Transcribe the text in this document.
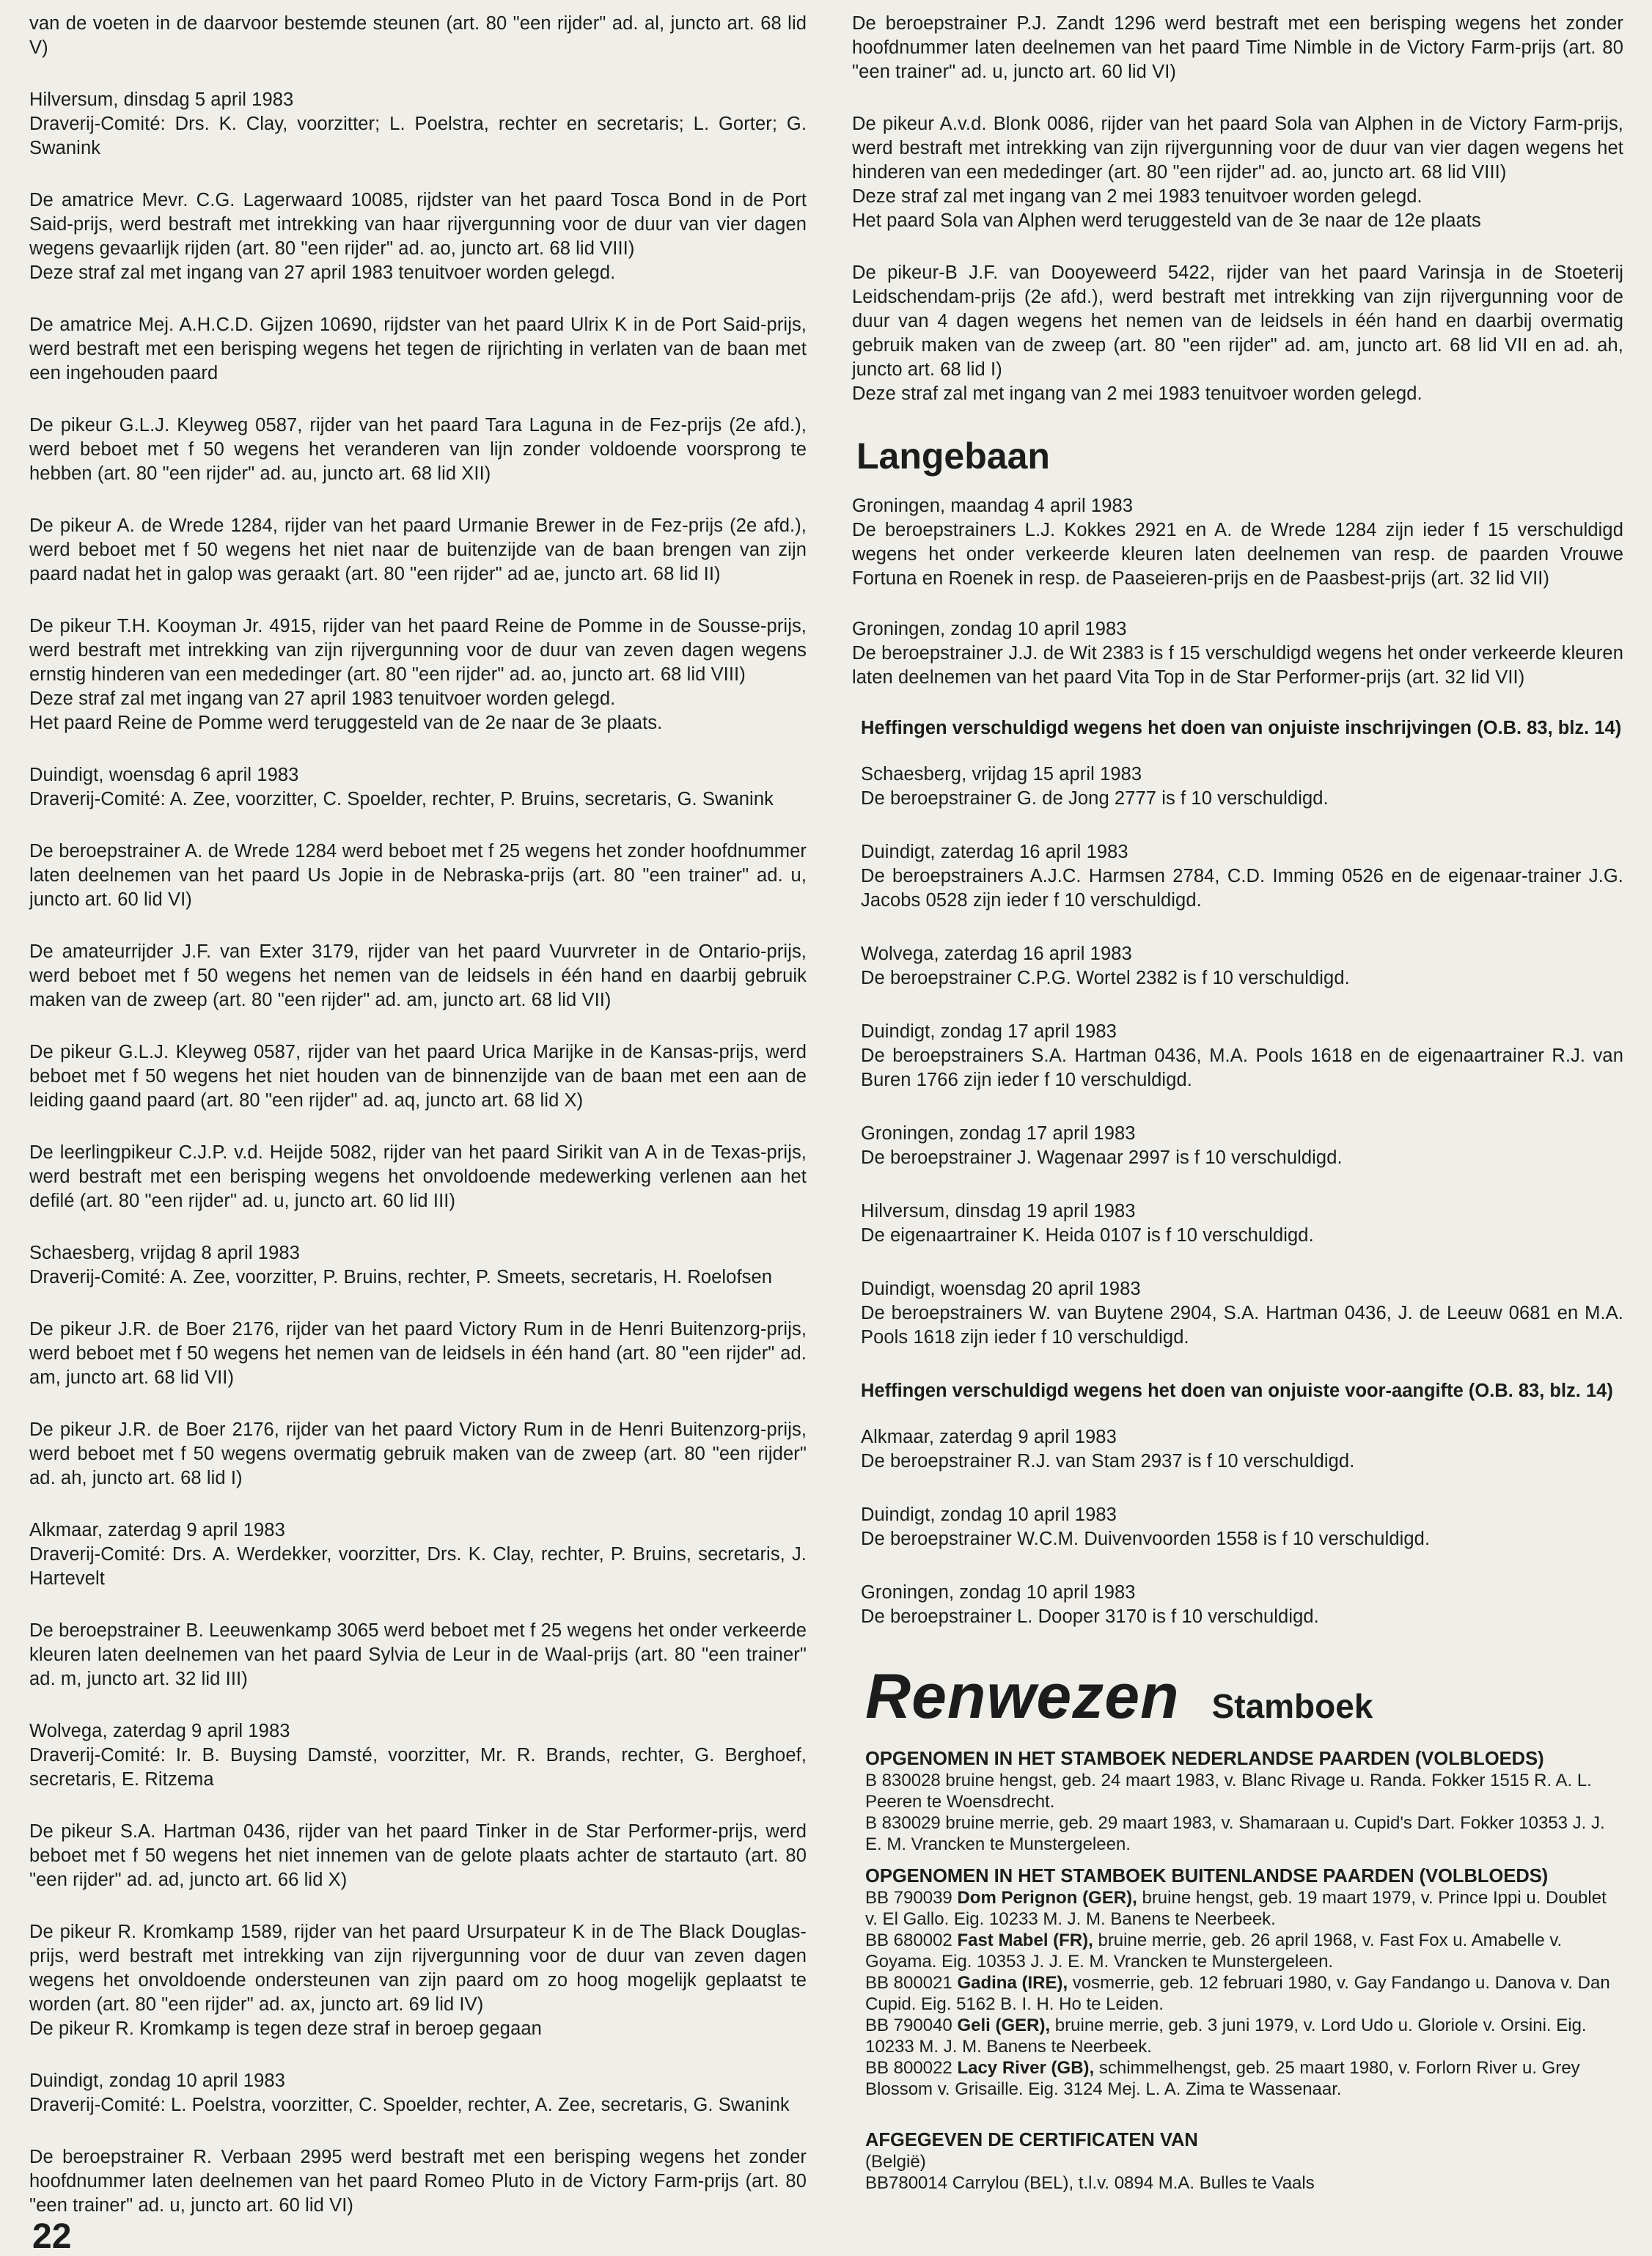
van de voeten in de daarvoor bestemde steunen (art. 80 "een rijder" ad. al, juncto art. 68 lid V)

Hilversum, dinsdag 5 april 1983

Draverij-Comité: Drs. K. Clay, voorzitter; L. Poelstra, rechter en secretaris; L. Gorter; G. Swanink

De amatrice Mevr. C.G. Lagerwaard 10085, rijdster van het paard Tosca Bond in de Port Said-prijs, werd bestraft met intrekking van haar rijvergunning voor de duur van vier dagen wegens gevaarlijk rijden (art. 80 "een rijder" ad. ao, juncto art. 68 lid VIII)

Deze straf zal met ingang van 27 april 1983 tenuitvoer worden gelegd.

De amatrice Mej. A.H.C.D. Gijzen 10690, rijdster van het paard Ulrix K in de Port Said-prijs, werd bestraft met een berisping wegens het tegen de rijrichting in verlaten van de baan met een ingehouden paard

De pikeur G.L.J. Kleyweg 0587, rijder van het paard Tara Laguna in de Fez-prijs (2e afd.), werd beboet met f 50 wegens het veranderen van lijn zonder voldoende voorsprong te hebben (art. 80 "een rijder" ad. au, juncto art. 68 lid XII)

De pikeur A. de Wrede 1284, rijder van het paard Urmanie Brewer in de Fez-prijs (2e afd.), werd beboet met f 50 wegens het niet naar de buitenzijde van de baan brengen van zijn paard nadat het in galop was geraakt (art. 80 "een rijder" ad ae, juncto art. 68 lid II)

De pikeur T.H. Kooyman Jr. 4915, rijder van het paard Reine de Pomme in de Sousse-prijs, werd bestraft met intrekking van zijn rijvergunning voor de duur van zeven dagen wegens ernstig hinderen van een mededinger (art. 80 "een rijder" ad. ao, juncto art. 68 lid VIII)

Deze straf zal met ingang van 27 april 1983 tenuitvoer worden gelegd.

Het paard Reine de Pomme werd teruggesteld van de 2e naar de 3e plaats.

Duindigt, woensdag 6 april 1983

Draverij-Comité: A. Zee, voorzitter, C. Spoelder, rechter, P. Bruins, secretaris, G. Swanink

De beroepstrainer A. de Wrede 1284 werd beboet met f 25 wegens het zonder hoofdnummer laten deelnemen van het paard Us Jopie in de Nebraska-prijs (art. 80 "een trainer" ad. u, juncto art. 60 lid VI)

De amateurrijder J.F. van Exter 3179, rijder van het paard Vuurvreter in de Ontario-prijs, werd beboet met f 50 wegens het nemen van de leidsels in één hand en daarbij gebruik maken van de zweep (art. 80 "een rijder" ad. am, juncto art. 68 lid VII)

De pikeur G.L.J. Kleyweg 0587, rijder van het paard Urica Marijke in de Kansas-prijs, werd beboet met f 50 wegens het niet houden van de binnenzijde van de baan met een aan de leiding gaand paard (art. 80 "een rijder" ad. aq, juncto art. 68 lid X)

De leerlingpikeur C.J.P. v.d. Heijde 5082, rijder van het paard Sirikit van A in de Texas-prijs, werd bestraft met een berisping wegens het onvoldoende medewerking verlenen aan het defilé (art. 80 "een rijder" ad. u, juncto art. 60 lid III)

Schaesberg, vrijdag 8 april 1983

Draverij-Comité: A. Zee, voorzitter, P. Bruins, rechter, P. Smeets, secretaris, H. Roelofsen

De pikeur J.R. de Boer 2176, rijder van het paard Victory Rum in de Henri Buitenzorg-prijs, werd beboet met f 50 wegens het nemen van de leidsels in één hand (art. 80 "een rijder" ad. am, juncto art. 68 lid VII)

De pikeur J.R. de Boer 2176, rijder van het paard Victory Rum in de Henri Buitenzorg-prijs, werd beboet met f 50 wegens overmatig gebruik maken van de zweep (art. 80 "een rijder" ad. ah, juncto art. 68 lid I)

Alkmaar, zaterdag 9 april 1983

Draverij-Comité: Drs. A. Werdekker, voorzitter, Drs. K. Clay, rechter, P. Bruins, secretaris, J. Hartevelt

De beroepstrainer B. Leeuwenkamp 3065 werd beboet met f 25 wegens het onder verkeerde kleuren laten deelnemen van het paard Sylvia de Leur in de Waal-prijs (art. 80 "een trainer" ad. m, juncto art. 32 lid III)

Wolvega, zaterdag 9 april 1983

Draverij-Comité: Ir. B. Buysing Damsté, voorzitter, Mr. R. Brands, rechter, G. Berghoef, secretaris, E. Ritzema

De pikeur S.A. Hartman 0436, rijder van het paard Tinker in de Star Performer-prijs, werd beboet met f 50 wegens het niet innemen van de gelote plaats achter de startauto (art. 80 "een rijder" ad. ad, juncto art. 66 lid X)

De pikeur R. Kromkamp 1589, rijder van het paard Ursurpateur K in de The Black Douglas-prijs, werd bestraft met intrekking van zijn rijvergunning voor de duur van zeven dagen wegens het onvoldoende ondersteunen van zijn paard om zo hoog mogelijk geplaatst te worden (art. 80 "een rijder" ad. ax, juncto art. 69 lid IV)

De pikeur R. Kromkamp is tegen deze straf in beroep gegaan

Duindigt, zondag 10 april 1983

Draverij-Comité: L. Poelstra, voorzitter, C. Spoelder, rechter, A. Zee, secretaris, G. Swanink

De beroepstrainer R. Verbaan 2995 werd bestraft met een berisping wegens het zonder hoofdnummer laten deelnemen van het paard Romeo Pluto in de Victory Farm-prijs (art. 80 "een trainer" ad. u, juncto art. 60 lid VI)

De beroepstrainer P.J. Zandt 1296 werd bestraft met een berisping wegens het zonder hoofdnummer laten deelnemen van het paard Time Nimble in de Victory Farm-prijs (art. 80 "een trainer" ad. u, juncto art. 60 lid VI)

De pikeur A.v.d. Blonk 0086, rijder van het paard Sola van Alphen in de Victory Farm-prijs, werd bestraft met intrekking van zijn rijvergunning voor de duur van vier dagen wegens het hinderen van een mededinger (art. 80 "een rijder" ad. ao, juncto art. 68 lid VIII)

Deze straf zal met ingang van 2 mei 1983 tenuitvoer worden gelegd.

Het paard Sola van Alphen werd teruggesteld van de 3e naar de 12e plaats

De pikeur-B J.F. van Dooyeweerd 5422, rijder van het paard Varinsja in de Stoeterij Leidschendam-prijs (2e afd.), werd bestraft met intrekking van zijn rijvergunning voor de duur van 4 dagen wegens het nemen van de leidsels in één hand en daarbij overmatig gebruik maken van de zweep (art. 80 "een rijder" ad. am, juncto art. 68 lid VII en ad. ah, juncto art. 68 lid I)

Deze straf zal met ingang van 2 mei 1983 tenuitvoer worden gelegd.

Langebaan

Groningen, maandag 4 april 1983

De beroepstrainers L.J. Kokkes 2921 en A. de Wrede 1284 zijn ieder f 15 verschuldigd wegens het onder verkeerde kleuren laten deelnemen van resp. de paarden Vrouwe Fortuna en Roenek in resp. de Paaseieren-prijs en de Paasbest-prijs (art. 32 lid VII)

Groningen, zondag 10 april 1983

De beroepstrainer J.J. de Wit 2383 is f 15 verschuldigd wegens het onder verkeerde kleuren laten deelnemen van het paard Vita Top in de Star Performer-prijs (art. 32 lid VII)

Heffingen verschuldigd wegens het doen van onjuiste inschrijvingen (O.B. 83, blz. 14)

Schaesberg, vrijdag 15 april 1983

De beroepstrainer G. de Jong 2777 is f 10 verschuldigd.

Duindigt, zaterdag 16 april 1983

De beroepstrainers A.J.C. Harmsen 2784, C.D. Imming 0526 en de eigenaar-trainer J.G. Jacobs 0528 zijn ieder f 10 verschuldigd.

Wolvega, zaterdag 16 april 1983

De beroepstrainer C.P.G. Wortel 2382 is f 10 verschuldigd.

Duindigt, zondag 17 april 1983

De beroepstrainers S.A. Hartman 0436, M.A. Pools 1618 en de eigenaartrainer R.J. van Buren 1766 zijn ieder f 10 verschuldigd.

Groningen, zondag 17 april 1983

De beroepstrainer J. Wagenaar 2997 is f 10 verschuldigd.

Hilversum, dinsdag 19 april 1983

De eigenaartrainer K. Heida 0107 is f 10 verschuldigd.

Duindigt, woensdag 20 april 1983

De beroepstrainers W. van Buytene 2904, S.A. Hartman 0436, J. de Leeuw 0681 en M.A. Pools 1618 zijn ieder f 10 verschuldigd.

Heffingen verschuldigd wegens het doen van onjuiste voor-aangifte (O.B. 83, blz. 14)

Alkmaar, zaterdag 9 april 1983

De beroepstrainer R.J. van Stam 2937 is f 10 verschuldigd.

Duindigt, zondag 10 april 1983

De beroepstrainer W.C.M. Duivenvoorden 1558 is f 10 verschuldigd.

Groningen, zondag 10 april 1983

De beroepstrainer L. Dooper 3170 is f 10 verschuldigd.

Renwezen Stamboek
OPGENOMEN IN HET STAMBOEK NEDERLANDSE PAARDEN (VOLBLOEDS)

B 830028 bruine hengst, geb. 24 maart 1983, v. Blanc Rivage u. Randa. Fokker 1515 R. A. L. Peeren te Woensdrecht.

B 830029 bruine merrie, geb. 29 maart 1983, v. Shamaraan u. Cupid's Dart. Fokker 10353 J. J. E. M. Vrancken te Munstergeleen.

OPGENOMEN IN HET STAMBOEK BUITENLANDSE PAARDEN (VOLBLOEDS)

BB 790039 Dom Perignon (GER), bruine hengst, geb. 19 maart 1979, v. Prince Ippi u. Doublet v. El Gallo. Eig. 10233 M. J. M. Banens te Neerbeek.

BB 680002 Fast Mabel (FR), bruine merrie, geb. 26 april 1968, v. Fast Fox u. Amabelle v. Goyama. Eig. 10353 J. J. E. M. Vrancken te Munstergeleen.

BB 800021 Gadina (IRE), vosmerrie, geb. 12 februari 1980, v. Gay Fandango u. Danova v. Dan Cupid. Eig. 5162 B. I. H. Ho te Leiden.

BB 790040 Geli (GER), bruine merrie, geb. 3 juni 1979, v. Lord Udo u. Gloriole v. Orsini. Eig. 10233 M. J. M. Banens te Neerbeek.

BB 800022 Lacy River (GB), schimmelhengst, geb. 25 maart 1980, v. Forlorn River u. Grey Blossom v. Grisaille. Eig. 3124 Mej. L. A. Zima te Wassenaar.

AFGEGEVEN DE CERTIFICATEN VAN

(België)

BB780014 Carrylou (BEL), t.l.v. 0894 M.A. Bulles te Vaals

22
